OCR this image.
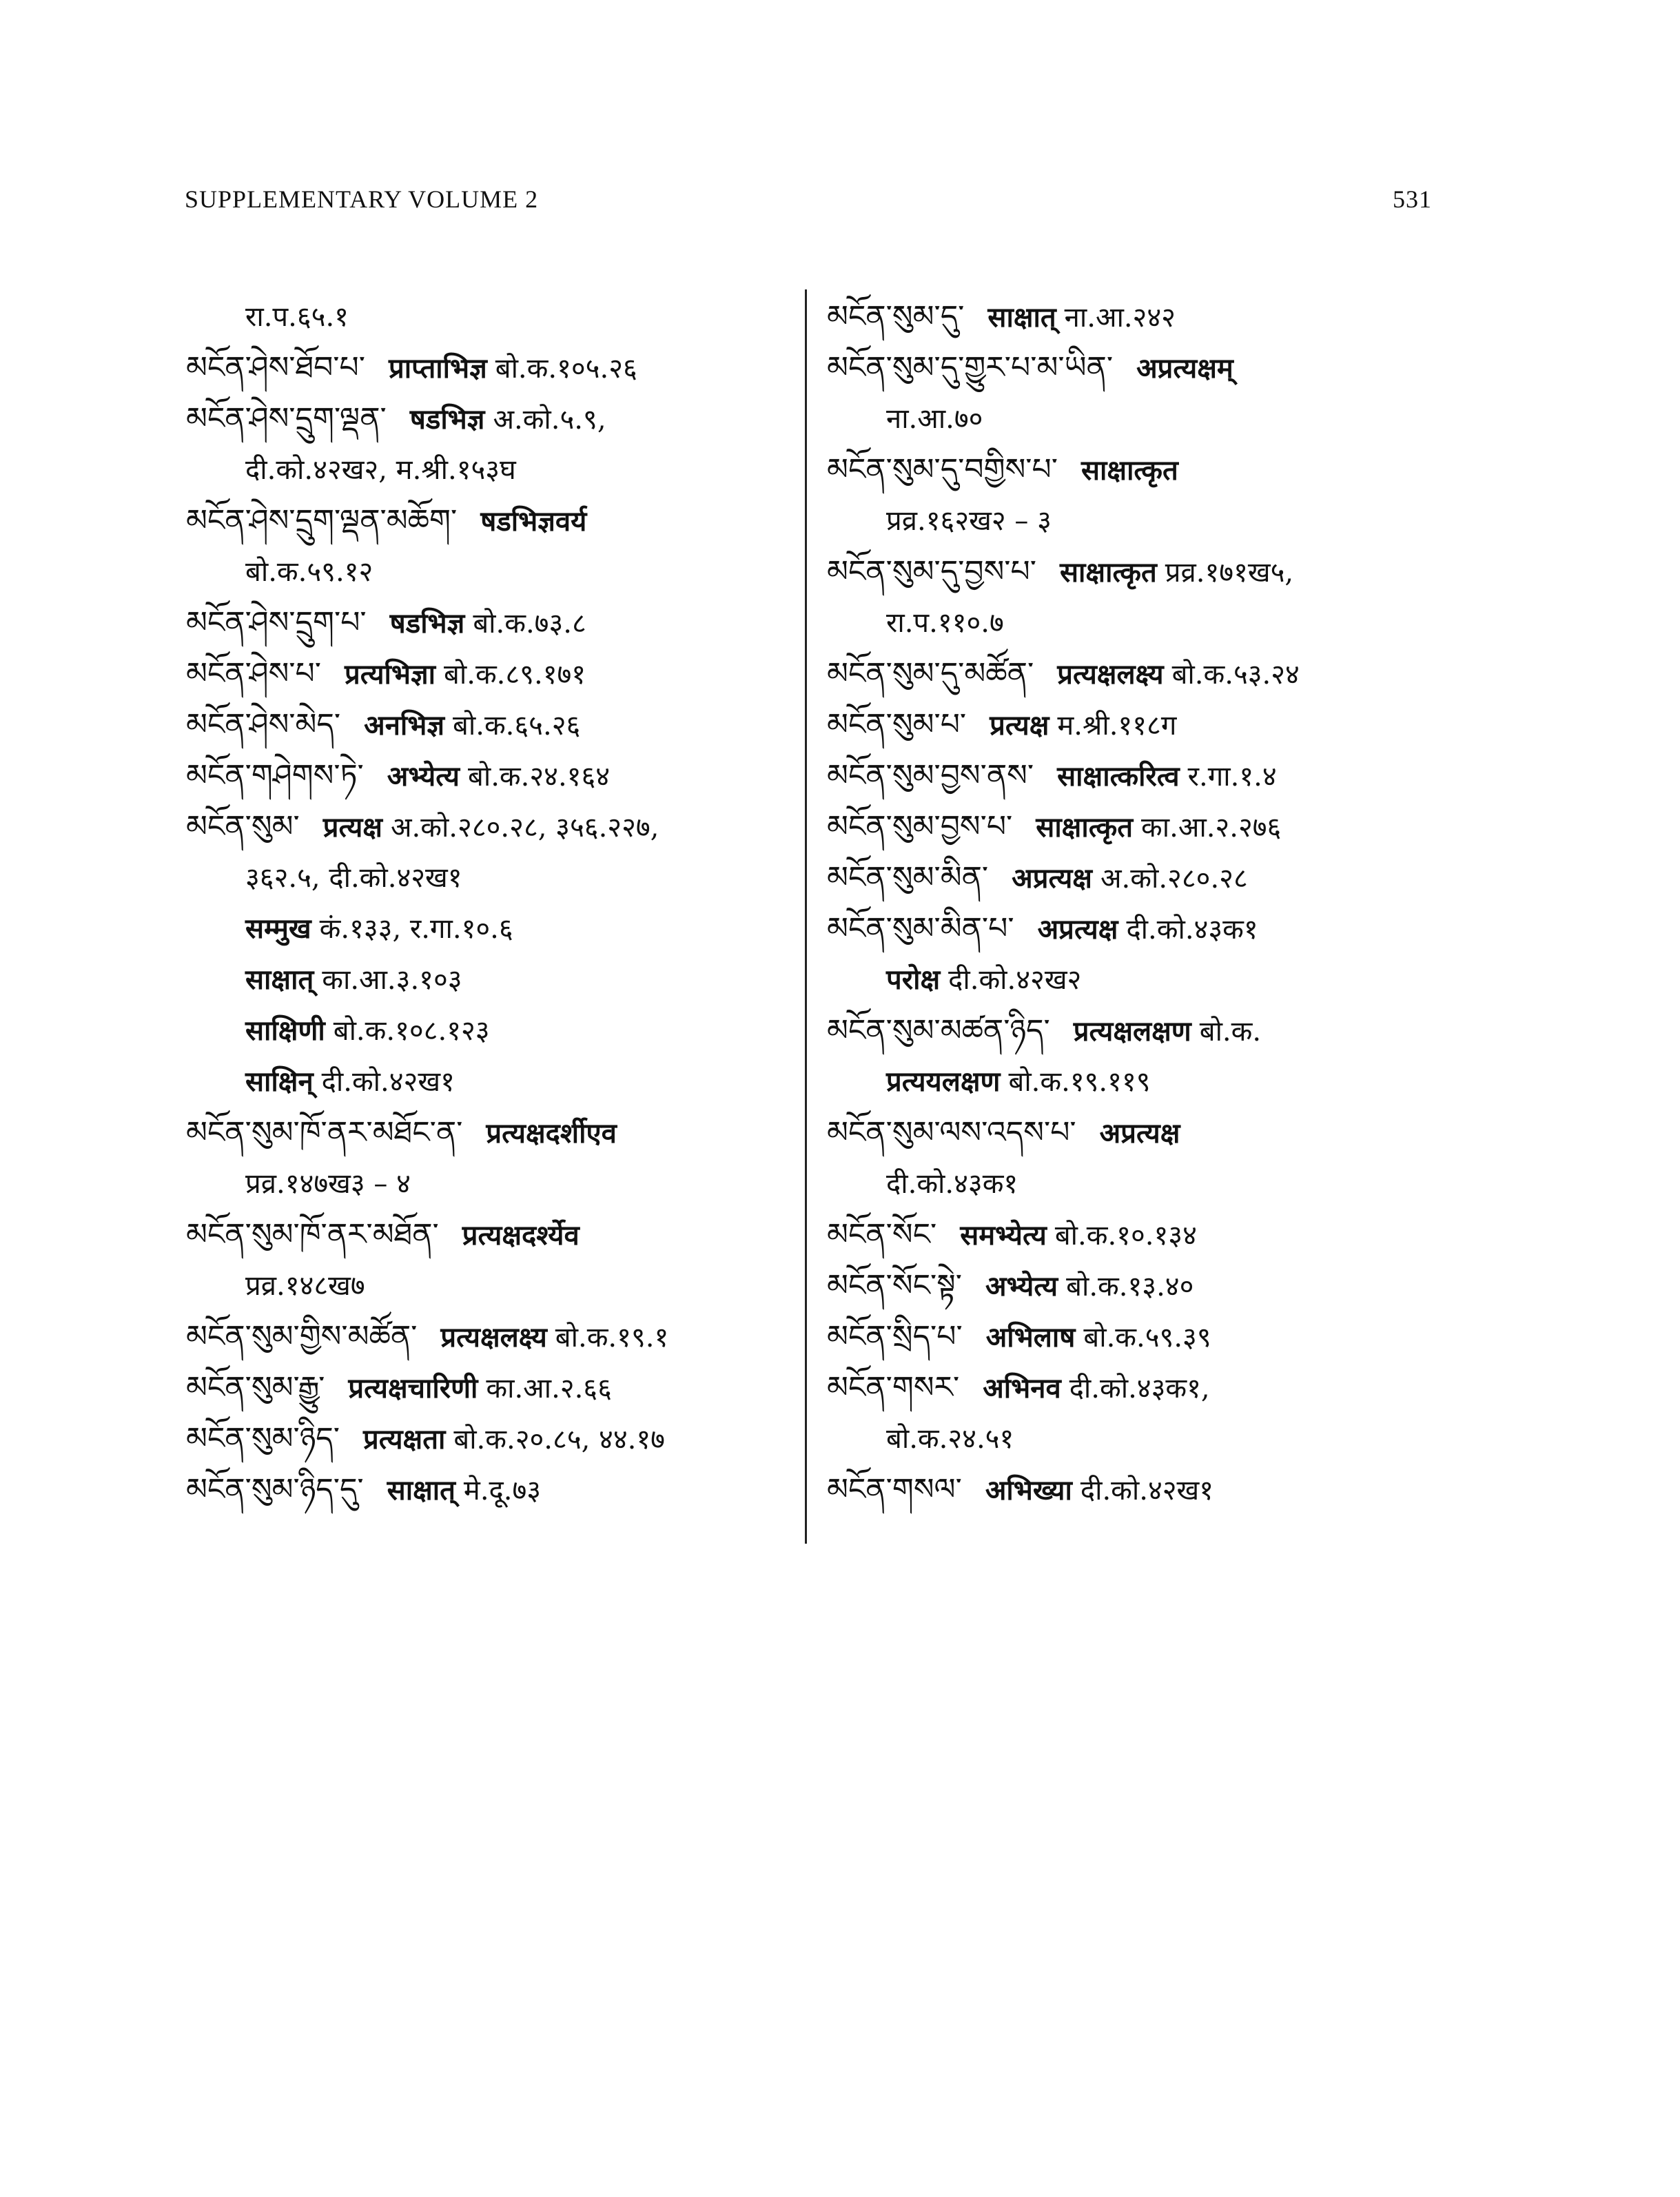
SUPPLEMENTARY VOLUME 2	531
रा.प.६५.१
མངོན་ཤེས་ཐོབ་པ་ प्राप्ताभिज्ञ बो.क.१०५.२६
མངོན་ཤེས་དྲུག་ལྡན་ षडभिज्ञ अ.को.५.९,
दी.को.४२ख२, म.श्री.१५३घ
མངོན་ཤེས་དྲུག་ལྡན་མཆོག་ षडभिज्ञवर्य
बो.क.५९.१२
མངོན་ཤེས་དྲུག་པ་ षडभिज्ञ बो.क.७३.८
མངོན་ཤེས་པ་ प्रत्यभिज्ञा बो.क.८९.१७१
མངོན་ཤེས་མེད་ अनभिज्ञ बो.क.६५.२६
མངོན་གཤེགས་ཏེ་ अभ्येत्य बो.क.२४.१६४
མངོན་སུམ་ प्रत्यक्ष अ.को.२८०.२८, ३५६.२२७,
३६२.५, दी.को.४२ख१
सम्मुख कं.१३३, र.गा.१०.६
साक्षात् का.आ.३.१०३
साक्षिणी बो.क.१०८.१२३
साक्षिन् दी.को.४२ख१
མངོན་སུམ་ཁོ་ནར་མཐོང་ན་ प्रत्यक्षदर्शीएव
प्रव्र.१४७ख३ – ४
མངོན་སུམ་ཁོ་ནར་མཐོན་ प्रत्यक्षदर्श्येव
प्रव्र.१४८ख७
མངོན་སུམ་གྱིས་མཚོན་ प्रत्यक्षलक्ष्य बो.क.१९.१
མངོན་སུམ་རྒྱུ་ प्रत्यक्षचारिणी का.आ.२.६६
མངོན་སུམ་ཉིད་ प्रत्यक्षता बो.क.२०.८५, ४४.१७
མངོན་སུམ་ཉིད་དུ་ साक्षात् मे.दू.७३
མངོན་སུམ་དུ་ साक्षात् ना.आ.२४२
མངོན་སུམ་དུ་གྱུར་པ་མ་ཡིན་ अप्रत्यक्षम्
ना.आ.७०
མངོན་སུམ་དུ་བགྱིས་པ་ साक्षात्कृत
प्रव्र.१६२ख२ – ३
མངོན་སུམ་དུ་བྱས་པ་ साक्षात्कृत प्रव्र.१७१ख५,
रा.प.११०.७
མངོན་སུམ་དུ་མཚོན་ प्रत्यक्षलक्ष्य बो.क.५३.२४
མངོན་སུམ་པ་ प्रत्यक्ष म.श्री.११८ग
མངོན་སུམ་བྱས་ནས་ साक्षात्करित्व र.गा.१.४
མངོན་སུམ་བྱས་པ་ साक्षात्कृत का.आ.२.२७६
མངོན་སུམ་མིན་ अप्रत्यक्ष अ.को.२८०.२८
མངོན་སུམ་མིན་པ་ अप्रत्यक्ष दी.को.४३क१
परोक्ष दी.को.४२ख२
མངོན་སུམ་མཚན་ཉིད་ प्रत्यक्षलक्षण बो.क.
प्रत्ययलक्षण बो.क.१९.११९
མངོན་སུམ་ལས་འདས་པ་ अप्रत्यक्ष
दी.को.४३क१
མངོན་སོང་ समभ्येत्य बो.क.१०.१३४
མངོན་སོང་སྟེ་ अभ्येत्य बो.क.१३.४०
མངོན་སྲིད་པ་ अभिलाष बो.क.५९.३९
མངོན་གསར་ अभिनव दी.को.४३क१,
बो.क.२४.५१
མངོན་གསལ་ अभिख्या दी.को.४२ख१
